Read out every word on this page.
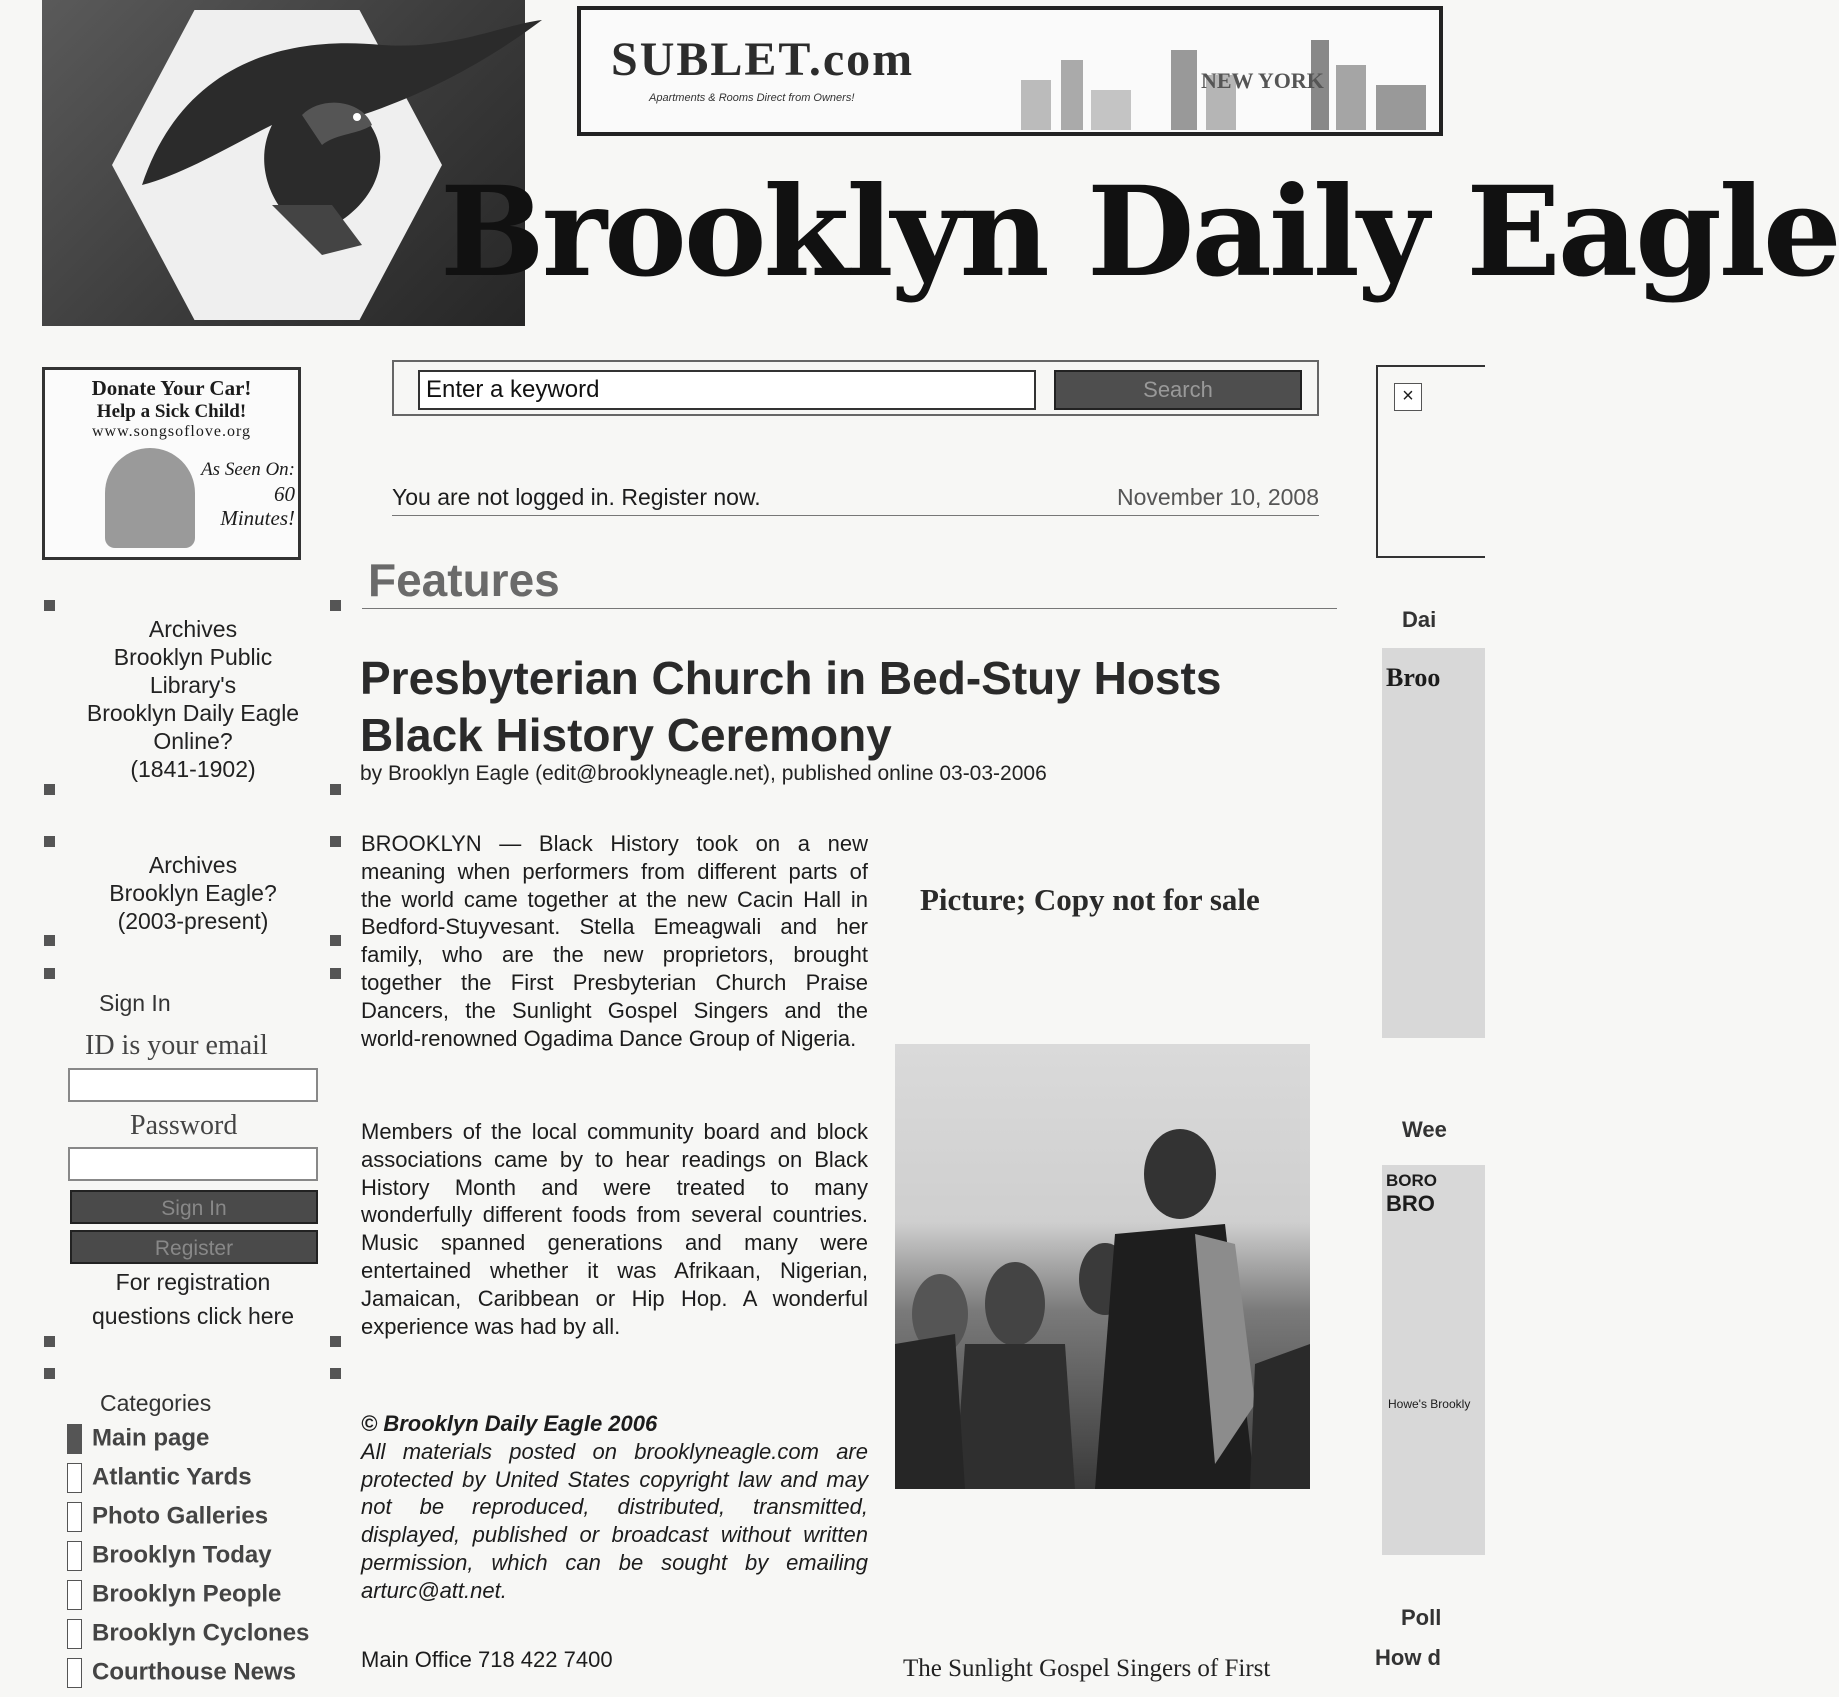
SUBLET.com
Apartments & Rooms Direct from Owners!
NEW YORK
Brooklyn Daily Eagle
Donate Your Car!
Help a Sick Child!
www.songsoflove.org
As Seen On:
60 Minutes!
Archives
Brooklyn Public
Library's
Brooklyn Daily Eagle
Online?
(1841-1902)
Archives
Brooklyn Eagle?
(2003-present)
Sign In
ID is your email
Password
Sign In
Register
For registration
questions click here
Categories
Main page
Atlantic Yards
Photo Galleries
Brooklyn Today
Brooklyn People
Brooklyn Cyclones
Courthouse News
Enter a keyword
Search
You are not logged in. Register now.	November 10, 2008
Features
Presbyterian Church in Bed-Stuy Hosts
Black History Ceremony
by Brooklyn Eagle (edit@brooklyneagle.net), published online 03-03-2006
BROOKLYN — Black History took on a new meaning when performers from different parts of the world came together at the new Cacin Hall in Bedford-Stuyvesant. Stella Emeagwali and her family, who are the new proprietors, brought together the First Presbyterian Church Praise Dancers, the Sunlight Gospel Singers and the world-renowned Ogadima Dance Group of Nigeria.
Members of the local community board and block associations came by to hear readings on Black History Month and were treated to many wonderfully different foods from several countries. Music spanned generations and many were entertained whether it was Afrikaan, Nigerian, Jamaican, Caribbean or Hip Hop. A wonderful experience was had by all.
© Brooklyn Daily Eagle 2006
All materials posted on brooklyneagle.com are protected by United States copyright law and may not be reproduced, distributed, transmitted, displayed, published or broadcast without written permission, which can be sought by emailing arturc@att.net.
Main Office 718 422 7400
Picture; Copy not for sale
The Sunlight Gospel Singers of First
×
Dai
Broo
Wee
BORO
BRO
Howe's Brookly
Poll
How d
